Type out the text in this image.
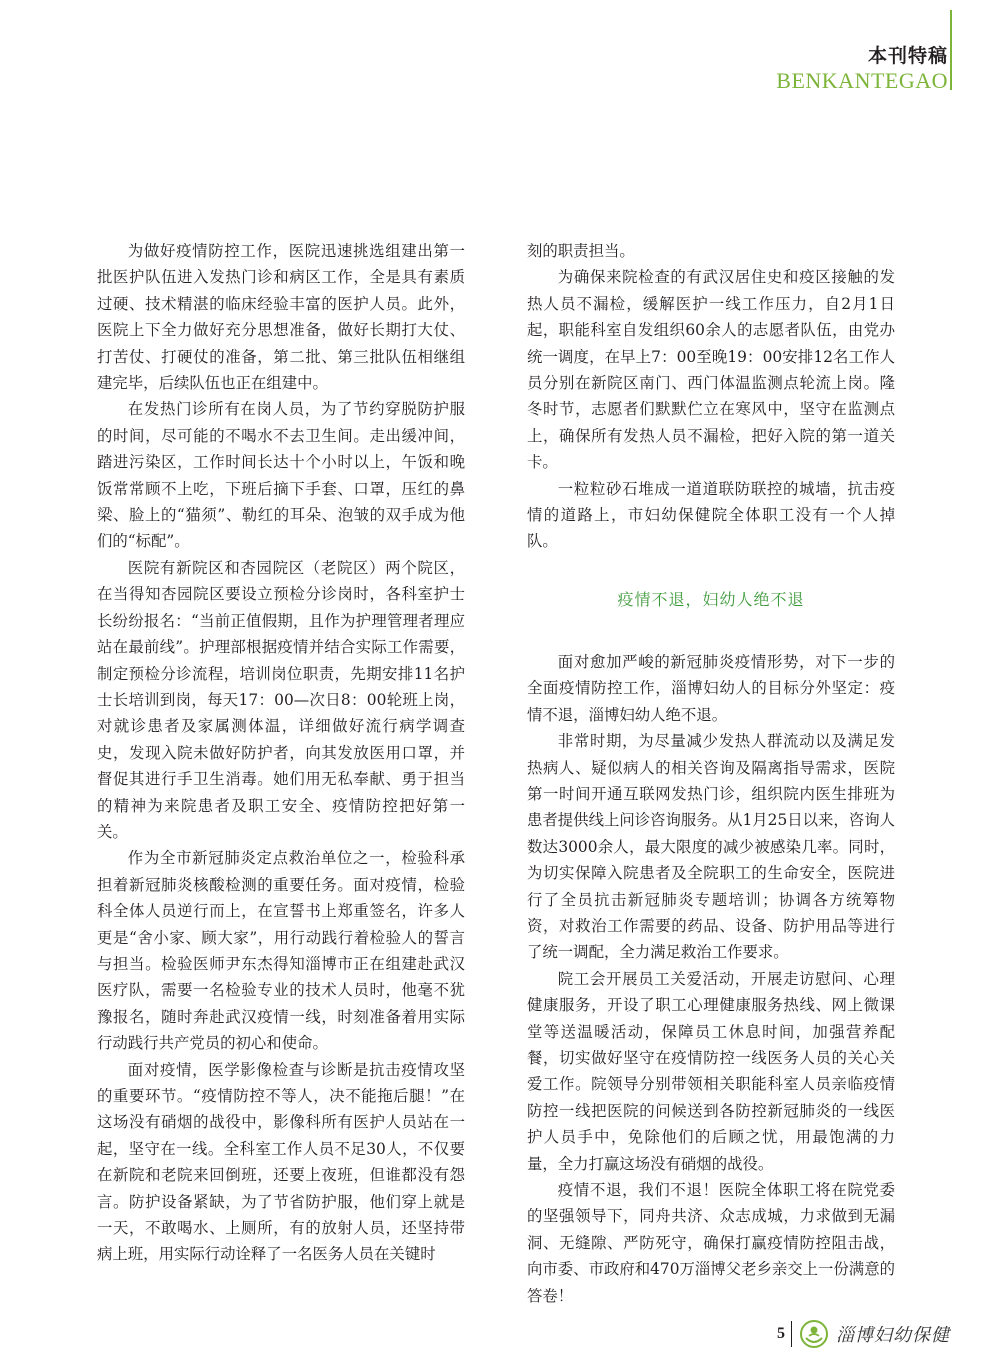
本刊特稿
BENKANTEGAO

为做好疫情防控工作，医院迅速挑选组建出第一批医护队伍进入发热门诊和病区工作，全是具有素质过硬、技术精湛的临床经验丰富的医护人员。此外，医院上下全力做好充分思想准备，做好长期打大仗、打苦仗、打硬仗的准备，第二批、第三批队伍相继组建完毕，后续队伍也正在组建中。

在发热门诊所有在岗人员，为了节约穿脱防护服的时间，尽可能的不喝水不去卫生间。走出缓冲间，踏进污染区，工作时间长达十个小时以上，午饭和晚饭常常顾不上吃，下班后摘下手套、口罩，压红的鼻梁、脸上的“猫须”、勒红的耳朵、泡皱的双手成为他们的“标配”。

医院有新院区和杏园院区（老院区）两个院区，在当得知杏园院区要设立预检分诊岗时，各科室护士长纷纷报名：“当前正值假期，且作为护理管理者理应站在最前线”。护理部根据疫情并结合实际工作需要，制定预检分诊流程，培训岗位职责，先期安排11名护士长培训到岗，每天17：00—次日8：00轮班上岗，对就诊患者及家属测体温，详细做好流行病学调查史，发现入院未做好防护者，向其发放医用口罩，并督促其进行手卫生消毒。她们用无私奉献、勇于担当的精神为来院患者及职工安全、疫情防控把好第一关。

作为全市新冠肺炎定点救治单位之一，检验科承担着新冠肺炎核酸检测的重要任务。面对疫情，检验科全体人员逆行而上，在宣誓书上郑重签名，许多人更是“舍小家、顾大家”，用行动践行着检验人的誓言与担当。检验医师尹东杰得知淄博市正在组建赴武汉医疗队，需要一名检验专业的技术人员时，他毫不犹豫报名，随时奔赴武汉疫情一线，时刻准备着用实际行动践行共产党员的初心和使命。

面对疫情，医学影像检查与诊断是抗击疫情攻坚的重要环节。“疫情防控不等人，决不能拖后腿！”在这场没有硝烟的战役中，影像科所有医护人员站在一起，坚守在一线。全科室工作人员不足30人，不仅要在新院和老院来回倒班，还要上夜班，但谁都没有怨言。防护设备紧缺，为了节省防护服，他们穿上就是一天，不敢喝水、上厕所，有的放射人员，还坚持带病上班，用实际行动诠释了一名医务人员在关键时

刻的职责担当。

为确保来院检查的有武汉居住史和疫区接触的发热人员不漏检，缓解医护一线工作压力，自2月1日起，职能科室自发组织60余人的志愿者队伍，由党办统一调度，在早上7：00至晚19：00安排12名工作人员分别在新院区南门、西门体温监测点轮流上岗。隆冬时节，志愿者们默默伫立在寒风中，坚守在监测点上，确保所有发热人员不漏检，把好入院的第一道关卡。

一粒粒砂石堆成一道道联防联控的城墙，抗击疫情的道路上，市妇幼保健院全体职工没有一个人掉队。

疫情不退，妇幼人绝不退

面对愈加严峻的新冠肺炎疫情形势，对下一步的全面疫情防控工作，淄博妇幼人的目标分外坚定：疫情不退，淄博妇幼人绝不退。

非常时期，为尽量减少发热人群流动以及满足发热病人、疑似病人的相关咨询及隔离指导需求，医院第一时间开通互联网发热门诊，组织院内医生排班为患者提供线上问诊咨询服务。从1月25日以来，咨询人数达3000余人，最大限度的减少被感染几率。同时，为切实保障入院患者及全院职工的生命安全，医院进行了全员抗击新冠肺炎专题培训；协调各方统筹物资，对救治工作需要的药品、设备、防护用品等进行了统一调配，全力满足救治工作要求。

院工会开展员工关爱活动，开展走访慰问、心理健康服务，开设了职工心理健康服务热线、网上微课堂等送温暖活动，保障员工休息时间，加强营养配餐，切实做好坚守在疫情防控一线医务人员的关心关爱工作。院领导分别带领相关职能科室人员亲临疫情防控一线把医院的问候送到各防控新冠肺炎的一线医护人员手中，免除他们的后顾之忧，用最饱满的力量，全力打赢这场没有硝烟的战役。

疫情不退，我们不退！医院全体职工将在院党委的坚强领导下，同舟共济、众志成城，力求做到无漏洞、无缝隙、严防死守，确保打赢疫情防控阻击战，向市委、市政府和470万淄博父老乡亲交上一份满意的答卷！

5	淄博妇幼保健
